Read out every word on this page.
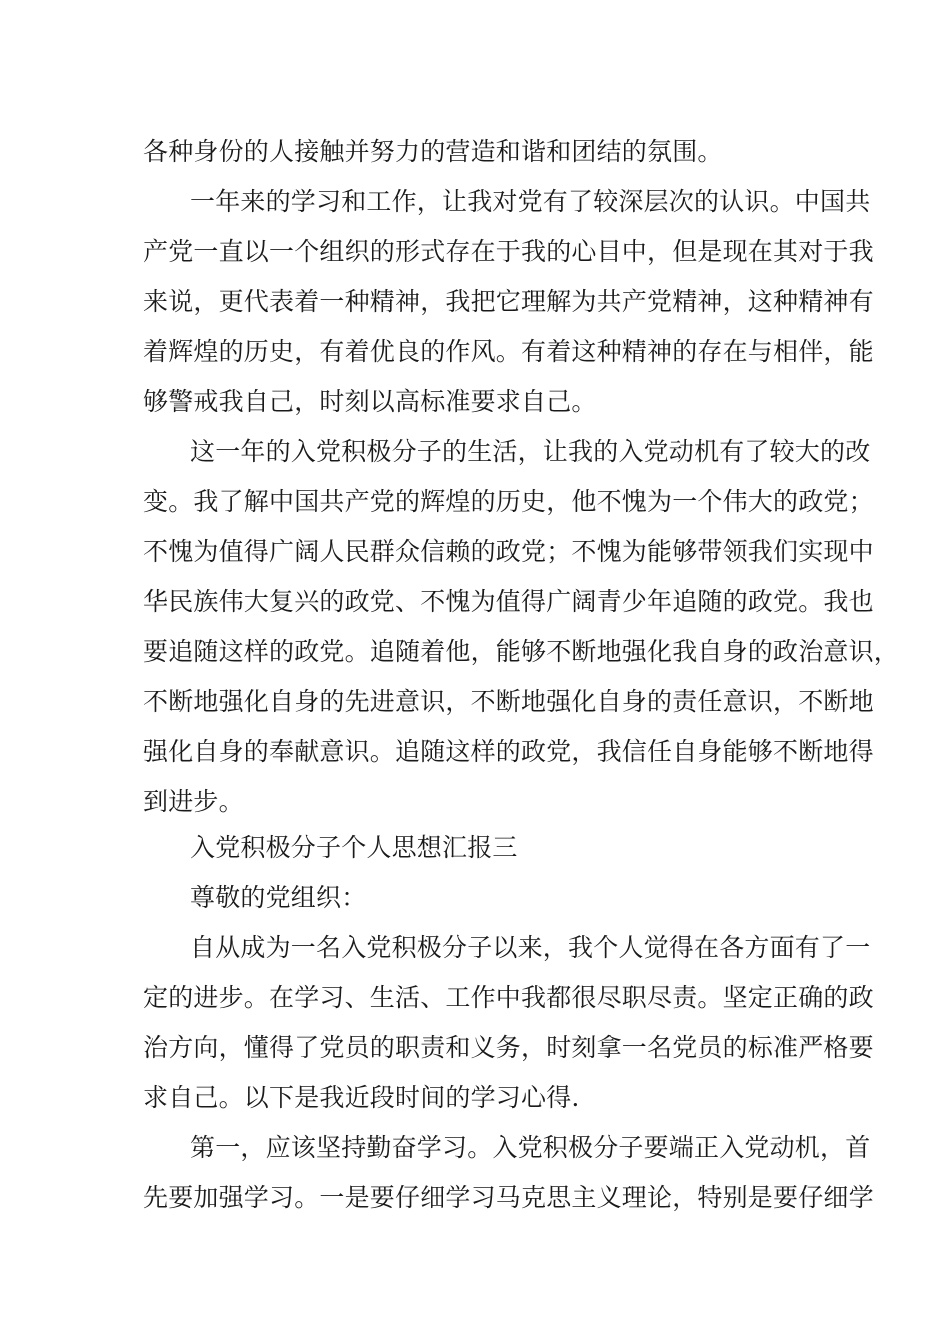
各种身份的人接触并努力的营造和谐和团结的氛围。
一年来的学习和工作，让我对党有了较深层次的认识。中国共
产党一直以一个组织的形式存在于我的心目中，但是现在其对于我
来说，更代表着一种精神，我把它理解为共产党精神，这种精神有
着辉煌的历史，有着优良的作风。有着这种精神的存在与相伴，能
够警戒我自己，时刻以高标准要求自己。
这一年的入党积极分子的生活，让我的入党动机有了较大的改
变。我了解中国共产党的辉煌的历史，他不愧为一个伟大的政党；
不愧为值得广阔人民群众信赖的政党；不愧为能够带领我们实现中
华民族伟大复兴的政党、不愧为值得广阔青少年追随的政党。我也
要追随这样的政党。追随着他，能够不断地强化我自身的政治意识，
不断地强化自身的先进意识，不断地强化自身的责任意识，不断地
强化自身的奉献意识。追随这样的政党，我信任自身能够不断地得
到进步。
入党积极分子个人思想汇报三
尊敬的党组织：
自从成为一名入党积极分子以来，我个人觉得在各方面有了一
定的进步。在学习、生活、工作中我都很尽职尽责。坚定正确的政
治方向，懂得了党员的职责和义务，时刻拿一名党员的标准严格要
求自己。以下是我近段时间的学习心得.
第一，应该坚持勤奋学习。入党积极分子要端正入党动机，首
先要加强学习。一是要仔细学习马克思主义理论，特别是要仔细学
